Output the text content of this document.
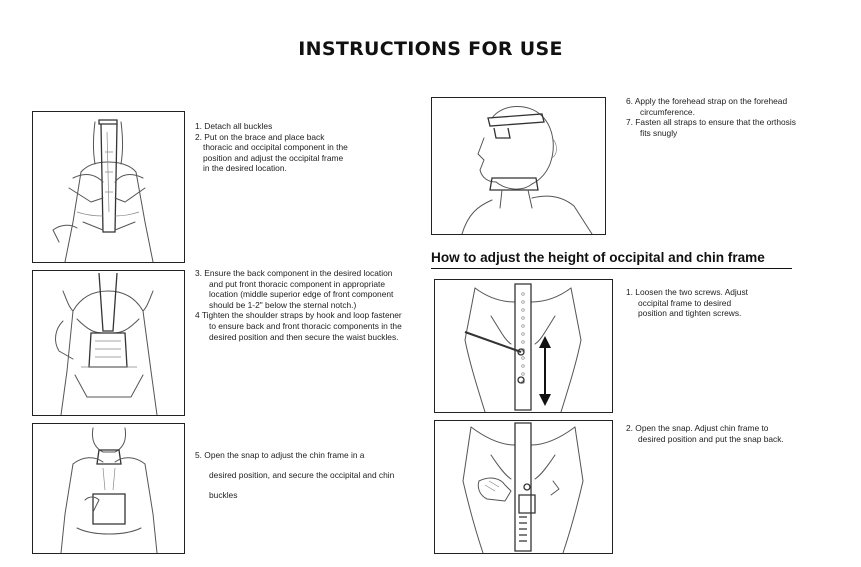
INSTRUCTIONS FOR USE
1. Detach all buckles
2. Put on the brace and place back
thoracic and occipital component in the
position and adjust the occipital frame
in the desired location.
3. Ensure the back component in the desired location
and put front thoracic component in appropriate
location (middle superior edge of front component
should be 1-2" below the sternal notch.)
4 Tighten the shoulder straps by hook and loop fastener
to ensure back and front thoracic components in the
desired position and then secure the waist buckles.
5. Open the snap to adjust the chin frame in a
desired position, and secure the occipital and chin
buckles
6. Apply the forehead strap on the forehead
circumference.
7. Fasten all straps to ensure that the orthosis
fits snugly
How to adjust the height of occipital and chin frame
1. Loosen the two screws. Adjust
occipital frame to desired
position and tighten screws.
2. Open the snap. Adjust chin frame to
desired position and put the snap back.
